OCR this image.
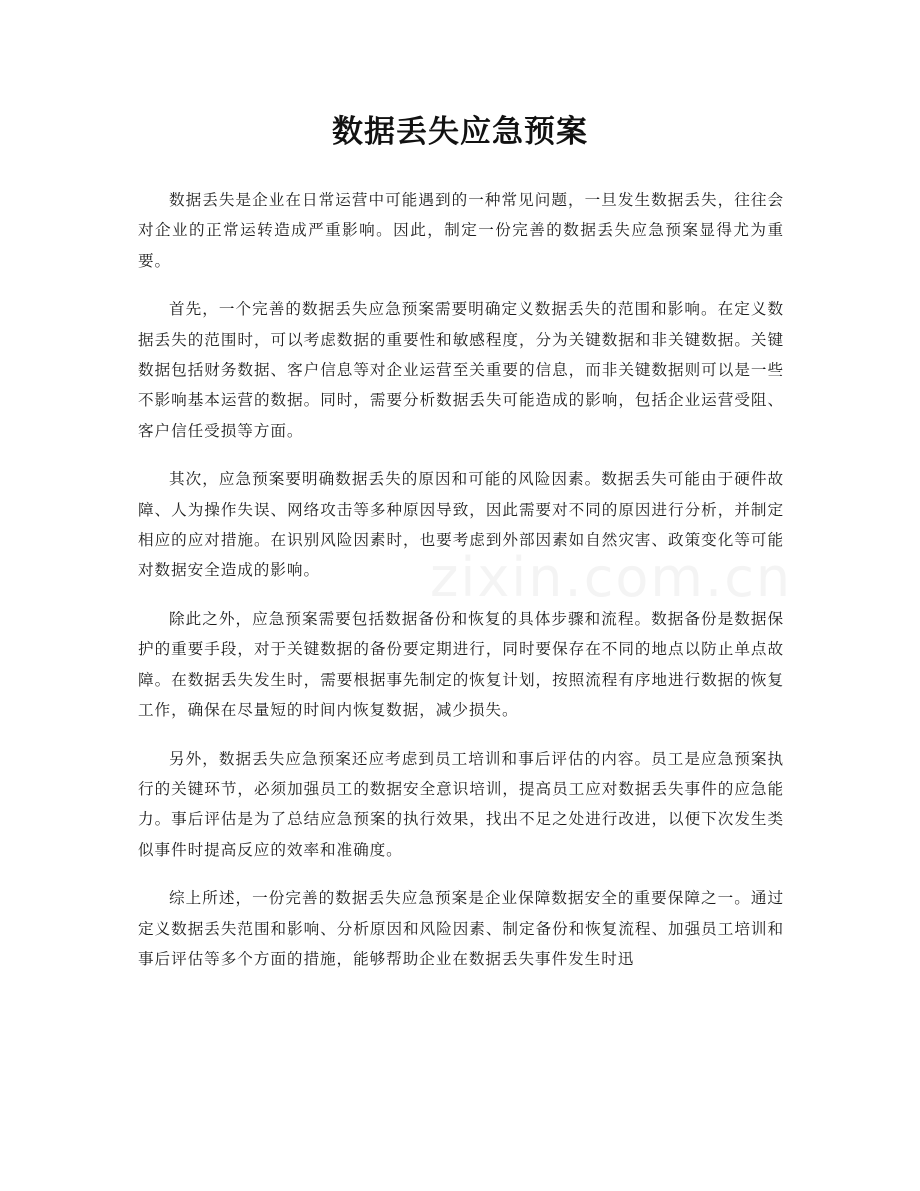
数据丢失应急预案

数据丢失是企业在日常运营中可能遇到的一种常见问题，一旦发生数据丢失，往往会对企业的正常运转造成严重影响。因此，制定一份完善的数据丢失应急预案显得尤为重要。

首先，一个完善的数据丢失应急预案需要明确定义数据丢失的范围和影响。在定义数据丢失的范围时，可以考虑数据的重要性和敏感程度，分为关键数据和非关键数据。关键数据包括财务数据、客户信息等对企业运营至关重要的信息，而非关键数据则可以是一些不影响基本运营的数据。同时，需要分析数据丢失可能造成的影响，包括企业运营受阻、客户信任受损等方面。

其次，应急预案要明确数据丢失的原因和可能的风险因素。数据丢失可能由于硬件故障、人为操作失误、网络攻击等多种原因导致，因此需要对不同的原因进行分析，并制定相应的应对措施。在识别风险因素时，也要考虑到外部因素如自然灾害、政策变化等可能对数据安全造成的影响。

除此之外，应急预案需要包括数据备份和恢复的具体步骤和流程。数据备份是数据保护的重要手段，对于关键数据的备份要定期进行，同时要保存在不同的地点以防止单点故障。在数据丢失发生时，需要根据事先制定的恢复计划，按照流程有序地进行数据的恢复工作，确保在尽量短的时间内恢复数据，减少损失。

另外，数据丢失应急预案还应考虑到员工培训和事后评估的内容。员工是应急预案执行的关键环节，必须加强员工的数据安全意识培训，提高员工应对数据丢失事件的应急能力。事后评估是为了总结应急预案的执行效果，找出不足之处进行改进，以便下次发生类似事件时提高反应的效率和准确度。

综上所述，一份完善的数据丢失应急预案是企业保障数据安全的重要保障之一。通过定义数据丢失范围和影响、分析原因和风险因素、制定备份和恢复流程、加强员工培训和事后评估等多个方面的措施，能够帮助企业在数据丢失事件发生时迅

zixin.com.cn
